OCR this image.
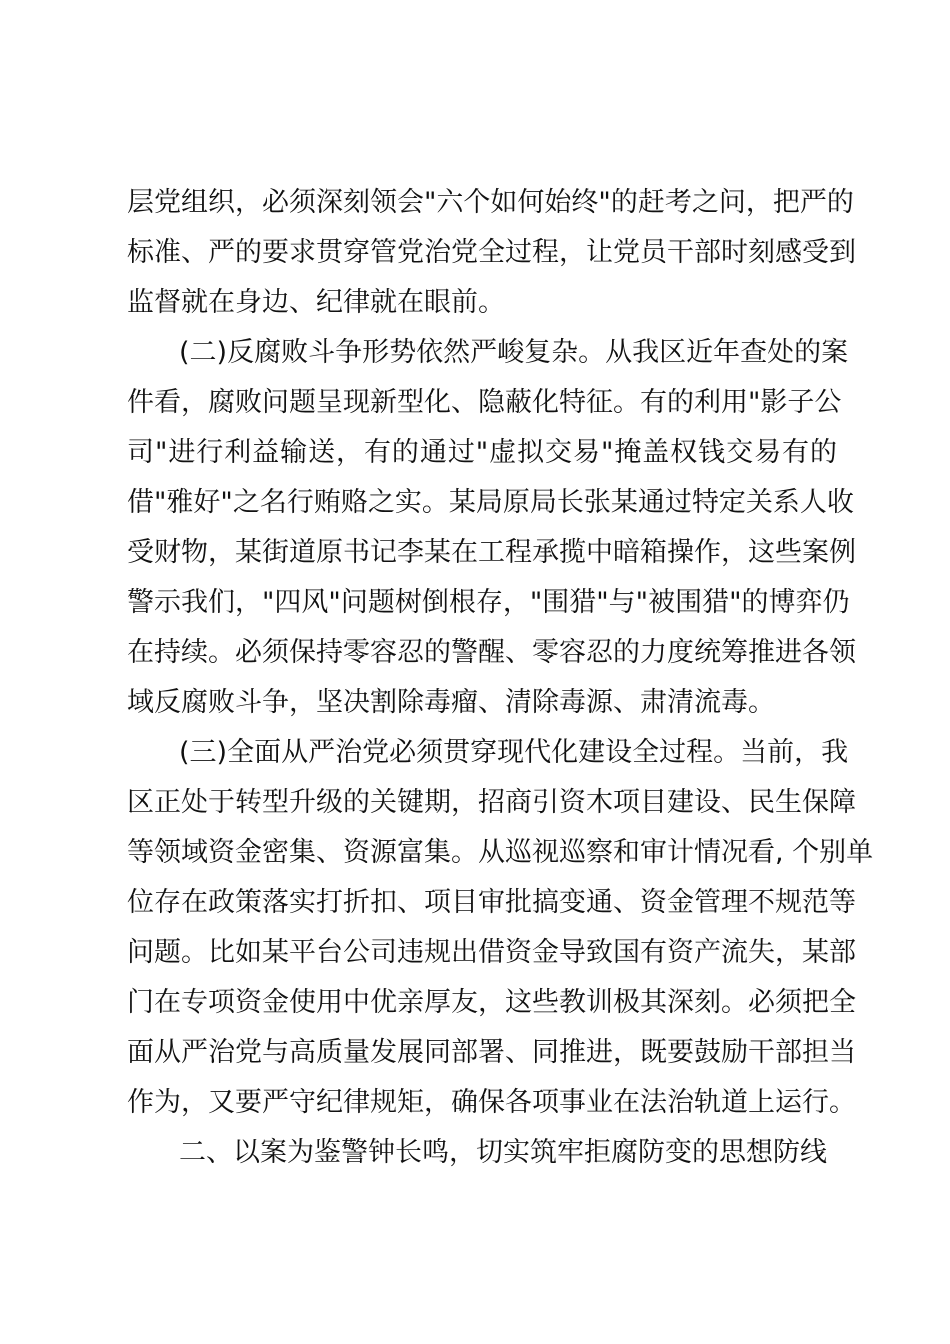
层党组织，必须深刻领会"六个如何始终"的赶考之问，把严的
标准、严的要求贯穿管党治党全过程，让党员干部时刻感受到
监督就在身边、纪律就在眼前。
(二)反腐败斗争形势依然严峻复杂。从我区近年查处的案
件看，腐败问题呈现新型化、隐蔽化特征。有的利用"影子公
司"进行利益输送，有的通过"虚拟交易"掩盖权钱交易有的
借"雅好"之名行贿赂之实。某局原局长张某通过特定关系人收
受财物，某街道原书记李某在工程承揽中暗箱操作，这些案例
警示我们，"四风"问题树倒根存，"围猎"与"被围猎"的博弈仍
在持续。必须保持零容忍的警醒、零容忍的力度统筹推进各领
域反腐败斗争，坚决割除毒瘤、清除毒源、肃清流毒。
(三)全面从严治党必须贯穿现代化建设全过程。当前，我
区正处于转型升级的关键期，招商引资木项目建设、民生保障
等领域资金密集、资源富集。从巡视巡察和审计情况看, 个别单
位存在政策落实打折扣、项目审批搞变通、资金管理不规范等
问题。比如某平台公司违规出借资金导致国有资产流失，某部
门在专项资金使用中优亲厚友，这些教训极其深刻。必须把全
面从严治党与高质量发展同部署、同推进，既要鼓励干部担当
作为，又要严守纪律规矩，确保各项事业在法治轨道上运行。
二、以案为鉴警钟长鸣，切实筑牢拒腐防变的思想防线
